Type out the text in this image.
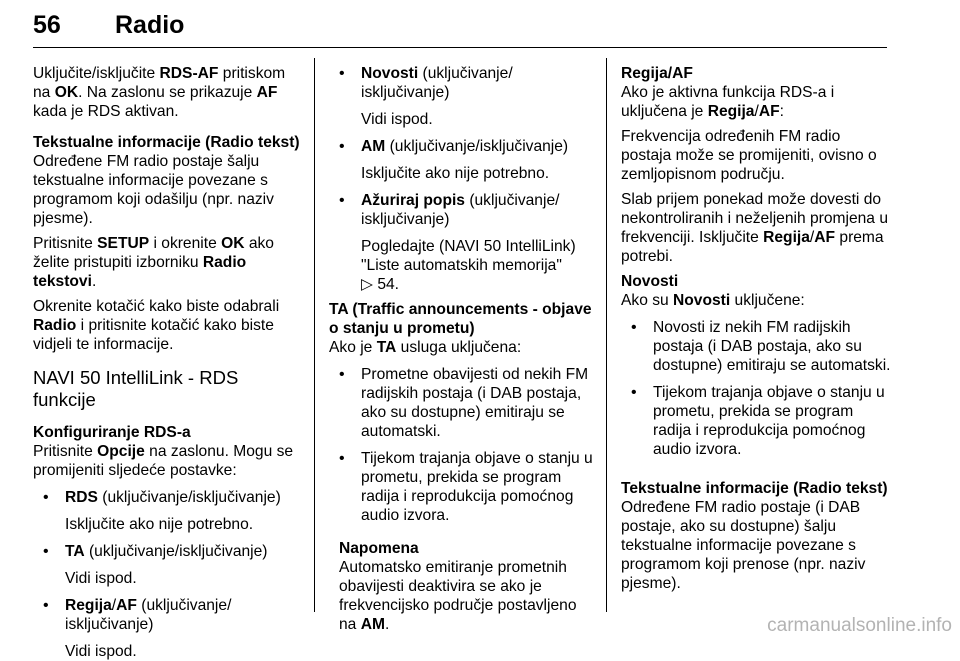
56 Radio

Uključite/isključite RDS-AF pritiskom na OK. Na zaslonu se prikazuje AF kada je RDS aktivan.

Tekstualne informacije (Radio tekst)

Određene FM radio postaje šalju tekstualne informacije povezane s programom koji odašilju (npr. naziv pjesme).

Pritisnite SETUP i okrenite OK ako želite pristupiti izborniku Radio tekstovi.

Okrenite kotačić kako biste odabrali Radio i pritisnite kotačić kako biste vidjeli te informacije.

NAVI 50 IntelliLink - RDS funkcije
Konfiguriranje RDS-a

Pritisnite Opcije na zaslonu. Mogu se promijeniti sljedeće postavke:

• RDS (uključivanje/isključivanje)
Isključite ako nije potrebno.
• TA (uključivanje/isključivanje)
Vidi ispod.
• Regija/AF (uključivanje/ isključivanje)
Vidi ispod.
• Novosti (uključivanje/ isključivanje)
Vidi ispod.
• AM (uključivanje/isključivanje)
Isključite ako nije potrebno.
• Ažuriraj popis (uključivanje/ isključivanje)
Pogledajte (NAVI 50 IntelliLink) "Liste automatskih memorija"
▷ 54.
TA (Traffic announcements - objave o stanju u prometu)

Ako je TA usluga uključena:

• Prometne obavijesti od nekih FM radijskih postaja (i DAB postaja, ako su dostupne) emitiraju se automatski.
• Tijekom trajanja objave o stanju u prometu, prekida se program radija i reprodukcija pomoćnog audio izvora.
Napomena

Automatsko emitiranje prometnih obavijesti deaktivira se ako je frekvencijsko područje postavljeno na AM.

Regija/AF

Ako je aktivna funkcija RDS-a i uključena je Regija/AF:

Frekvencija određenih FM radio postaja može se promijeniti, ovisno o zemljopisnom području.

Slab prijem ponekad može dovesti do nekontroliranih i neželjenih promjena u frekvenciji. Isključite Regija/AF prema potrebi.

Novosti

Ako su Novosti uključene:

• Novosti iz nekih FM radijskih postaja (i DAB postaja, ako su dostupne) emitiraju se automatski.
• Tijekom trajanja objave o stanju u prometu, prekida se program radija i reprodukcija pomoćnog audio izvora.
Tekstualne informacije (Radio tekst)

Određene FM radio postaje (i DAB postaje, ako su dostupne) šalju tekstualne informacije povezane s programom koji prenose (npr. naziv pjesme).

carmanualsonline.info
